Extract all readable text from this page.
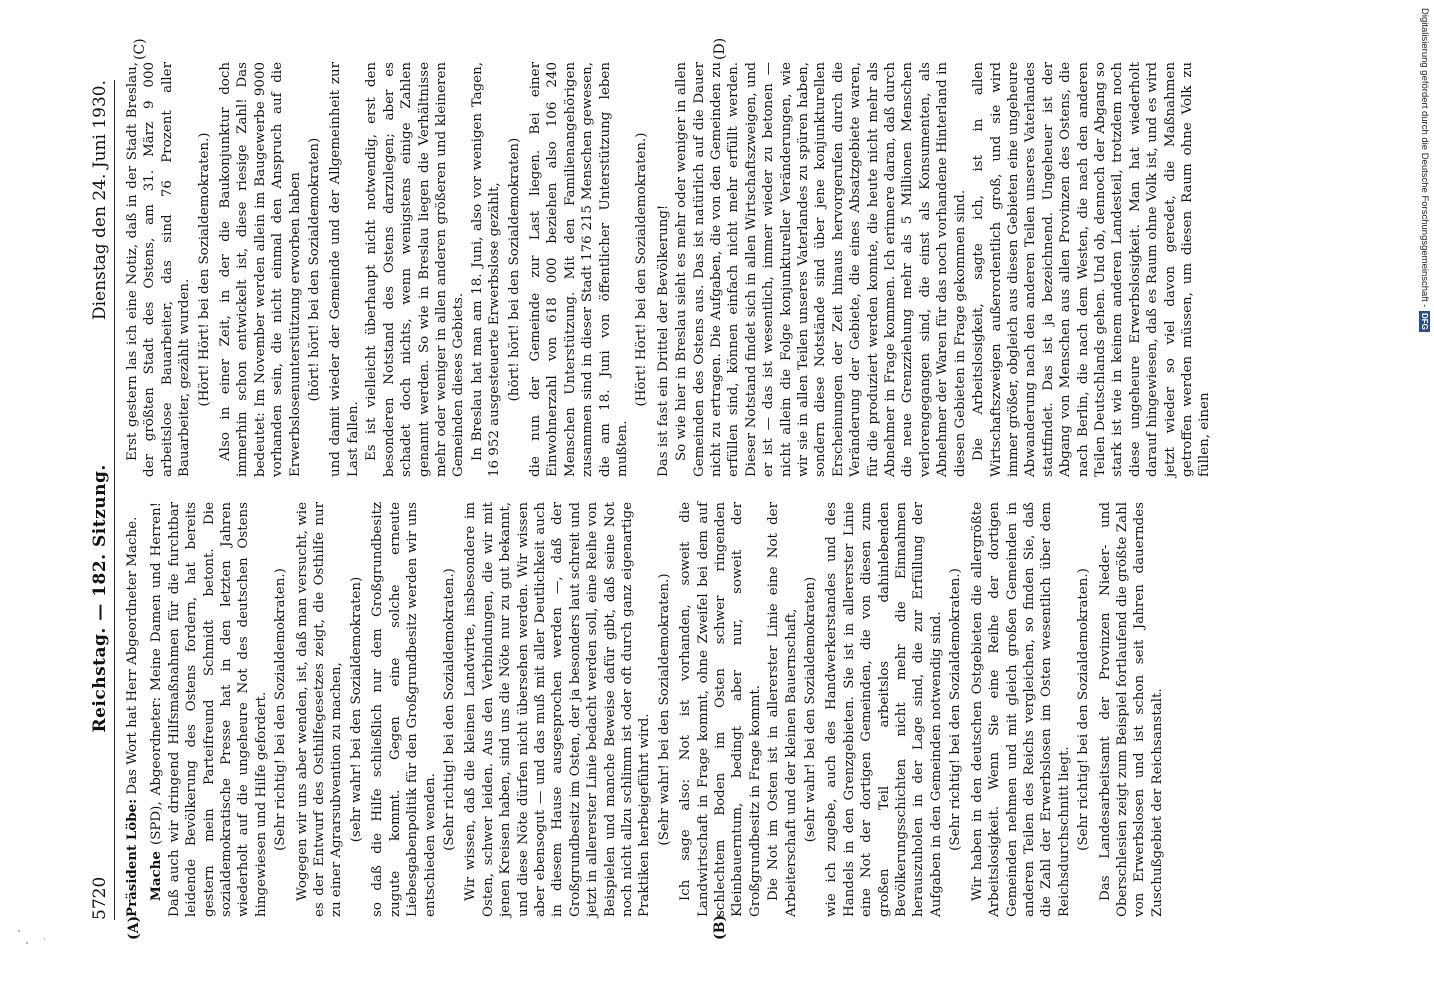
5720
Reichstag. — 182. Sitzung.
Dienstag den 24. Juni 1930.
(A)	(B)
(C)	(D)

Präsident Löbe: Das Wort hat Herr Abgeordneter Mache.

Mache (SPD), Abgeordneter: Meine Damen und Herren! Daß auch wir dringend Hilfsmaßnahmen für die furchtbar leidende Bevölkerung des Ostens fordern, hat bereits gestern mein Parteifreund Schmidt betont. Die sozialdemokratische Presse hat in den letzten Jahren wiederholt auf die ungeheure Not des deutschen Ostens hingewiesen und Hilfe gefordert. (Sehr richtig! bei den Sozialdemokraten.) Wogegen wir uns aber wenden, ist, daß man versucht, wie es der Entwurf des Osthilfegesetzes zeigt, die Osthilfe nur zu einer Agrarsubvention zu machen, (sehr wahr! bei den Sozialdemokraten) so daß die Hilfe schließlich nur dem Großgrundbesitz zugute kommt. Gegen eine solche erneute Liebesgabenpolitik für den Großgrundbesitz werden wir uns entschieden wenden. (Sehr richtig! bei den Sozialdemokraten.) Wir wissen, daß die kleinen Landwirte, insbesondere im Osten, schwer leiden. Aus den Verbindungen, die wir mit jenen Kreisen haben, sind uns die Nöte nur zu gut bekannt, und diese Nöte dürfen nicht übersehen werden. Wir wissen aber ebensogut — und das muß mit aller Deutlichkeit auch in diesem Hause ausgesprochen werden —, daß der Großgrundbesitz im Osten, der ja besonders laut schreit und jetzt in allererster Linie bedacht werden soll, eine Reihe von Beispielen und manche Beweise dafür gibt, daß seine Not noch nicht allzu schlimm ist oder oft durch ganz eigenartige Praktiken herbeigeführt wird. (Sehr wahr! bei den Sozialdemokraten.) Ich sage also: Not ist vorhanden, soweit die Landwirtschaft in Frage kommt, ohne Zweifel bei dem auf schlechtem Boden im Osten schwer ringenden Kleinbauerntum, bedingt aber nur, soweit der Großgrundbesitz in Frage kommt. Die Not im Osten ist in allererster Linie eine Not der Arbeiterschaft und der kleinen Bauernschaft, (sehr wahr! bei den Sozialdemokraten) wie ich zugebe, auch des Handwerkerstandes und des Handels in den Grenzgebieten. Sie ist in allererster Linie eine Not der dortigen Gemeinden, die von diesen zum großen Teil arbeitslos dahinlebenden Bevölkerungsschichten nicht mehr die Einnahmen herauszuholen in der Lage sind, die zur Erfüllung der Aufgaben in den Gemeinden notwendig sind. (Sehr richtig! bei den Sozialdemokraten.) Wir haben in den deutschen Ostgebieten die allergrößte Arbeitslosigkeit. Wenn Sie eine Reihe der dortigen Gemeinden nehmen und mit gleich großen Gemeinden in anderen Teilen des Reichs vergleichen, so finden Sie, daß die Zahl der Erwerbslosen im Osten wesentlich über dem Reichsdurchschnitt liegt. (Sehr richtig! bei den Sozialdemokraten.) Das Landesarbeitsamt der Provinzen Nieder- und Oberschlesien zeigt zum Beispiel fortlaufend die größte Zahl von Erwerbslosen und ist schon seit Jahren dauerndes Zuschußgebiet der Reichsanstalt.

Erst gestern las ich eine Notiz, daß in der Stadt Breslau, der größten Stadt des Ostens, am 31. März 9 000 arbeitslose Bauarbeiter, das sind 76 Prozent aller Bauarbeiter, gezählt wurden. (Hört! Hört! bei den Sozialdemokraten.) Also in einer Zeit, in der die Baukonjunktur doch immerhin schon entwickelt ist, diese riesige Zahl! Das bedeutet: Im November werden allein im Baugewerbe 9000 vorhanden sein, die nicht einmal den Anspruch auf die Erwerbslosenunterstützung erworben haben (hört! hört! bei den Sozialdemokraten) und damit wieder der Gemeinde und der Allgemeinheit zur Last fallen. Es ist vielleicht überhaupt nicht notwendig, erst den besonderen Notstand des Ostens darzulegen; aber es schadet doch nichts, wenn wenigstens einige Zahlen genannt werden. So wie in Breslau liegen die Verhältnisse mehr oder weniger in allen anderen größeren und kleineren Gemeinden dieses Gebiets. In Breslau hat man am 18. Juni, also vor wenigen Tagen, 16 952 ausgesteuerte Erwerbslose gezählt, (hört! hört! bei den Sozialdemokraten) die nun der Gemeinde zur Last liegen. Bei einer Einwohnerzahl von 618 000 beziehen also 106 240 Menschen Unterstützung. Mit den Familienangehörigen zusammen sind in dieser Stadt 176 215 Menschen gewesen, die am 18. Juni von öffentlicher Unterstützung leben mußten.

(Hört! Hört! bei den Sozialdemokraten.) Das ist fast ein Drittel der Bevölkerung! So wie hier in Breslau sieht es mehr oder weniger in allen Gemeinden des Ostens aus. Das ist natürlich auf die Dauer nicht zu ertragen. Die Aufgaben, die von den Gemeinden zu erfüllen sind, können einfach nicht mehr erfüllt werden. Dieser Notstand findet sich in allen Wirtschaftszweigen, und er ist — das ist wesentlich, immer wieder zu betonen — nicht allein die Folge konjunktureller Veränderungen, wie wir sie in allen Teilen unseres Vaterlandes zu spüren haben, sondern diese Notstände sind über jene konjunkturellen Erscheinungen der Zeit hinaus hervorgerufen durch die Veränderung der Gebiete, die eines Absatzgebiete waren, für die produziert werden konnte, die heute nicht mehr als Abnehmer in Frage kommen. Ich erinnere daran, daß durch die neue Grenzziehung mehr als 5 Millionen Menschen verlorengegangen sind, die einst als Konsumenten, als Abnehmer der Waren für das noch vorhandene Hinterland in diesen Gebieten in Frage gekommen sind. Die Arbeitslosigkeit, sagte ich, ist in allen Wirtschaftszweigen außerordentlich groß, und sie wird immer größer, obgleich aus diesen Gebieten eine ungeheure Abwanderung nach den anderen Teilen unseres Vaterlandes stattfindet. Das ist ja bezeichnend. Ungeheuer ist der Abgang von Menschen aus allen Provinzen des Ostens, die nach Berlin, die nach dem Westen, die nach den anderen Teilen Deutschlands gehen. Und ob, dennoch der Abgang so stark ist wie in keinem anderen Landesteil, trotzdem noch diese ungeheure Erwerbslosigkeit. Man hat wiederholt darauf hingewiesen, daß es Raum ohne Volk ist, und es wird jetzt wieder so viel davon geredet, die Maßnahmen getroffen werden müssen, um diesen Raum ohne Volk zu füllen, einen

Digitalisierung gefördert durch die Deutsche Forschungsgemeinschaft -
DFG
